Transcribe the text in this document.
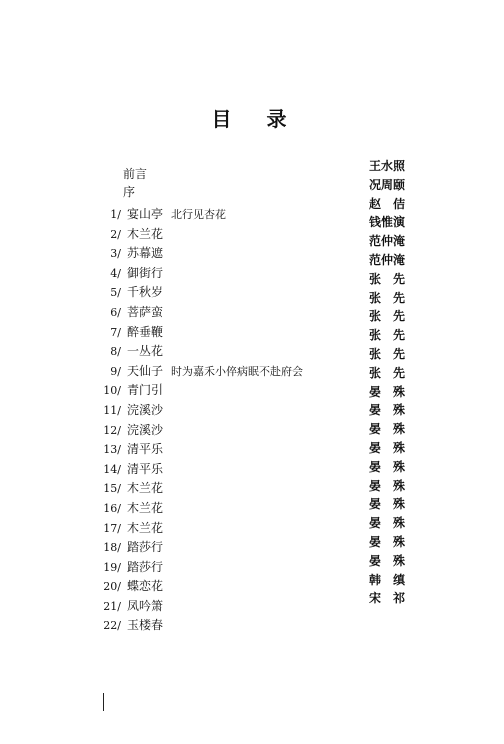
目 录
前言
序
1/ 宴山亭 北行见杏花
2/ 木兰花
3/ 苏幕遮
4/ 御街行
5/ 千秋岁
6/ 菩萨蛮
7/ 醉垂鞭
8/ 一丛花
9/ 天仙子 时为嘉禾小倅病眠不赴府会
10/ 青门引
11/ 浣溪沙
12/ 浣溪沙
13/ 清平乐
14/ 清平乐
15/ 木兰花
16/ 木兰花
17/ 木兰花
18/ 踏莎行
19/ 踏莎行
20/ 蝶恋花
21/ 凤吟箫
22/ 玉楼春
王水照
况周颐
赵　佶
钱惟演
范仲淹
范仲淹
张　先
张　先
张　先
张　先
张　先
张　先
晏　殊
晏　殊
晏　殊
晏　殊
晏　殊
晏　殊
晏　殊
晏　殊
晏　殊
晏　殊
韩　缜
宋　祁
